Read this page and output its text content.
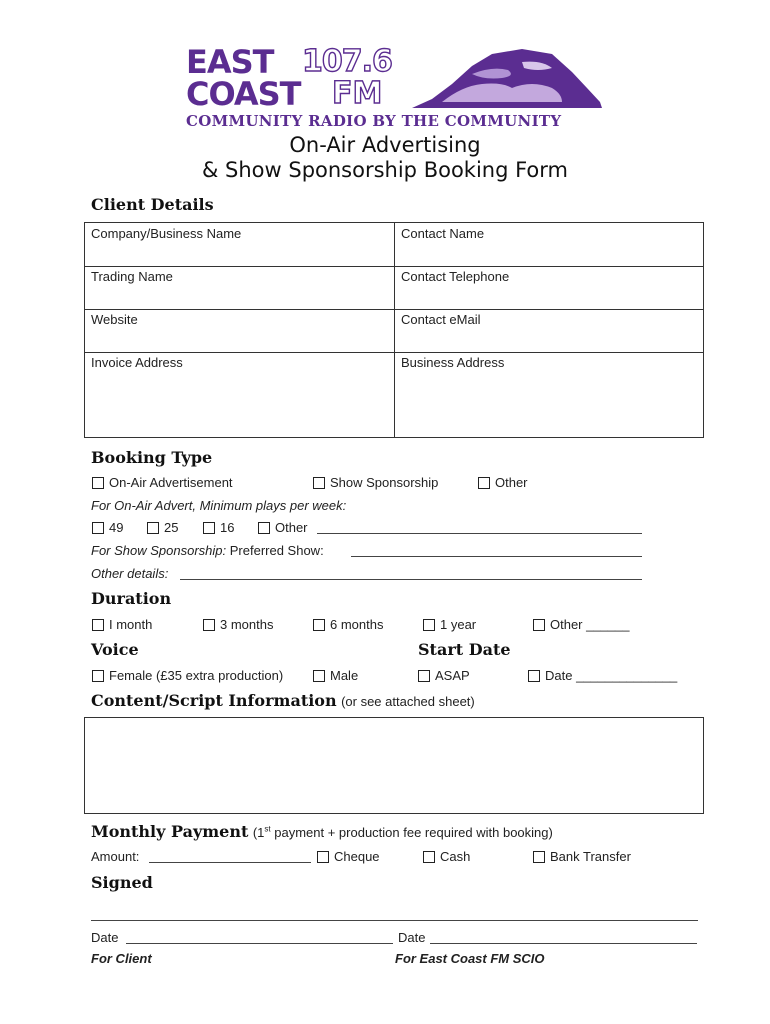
EAST 107.6
COAST FM
COMMUNITY RADIO BY THE COMMUNITY
On-Air Advertising
& Show Sponsorship Booking Form
Client Details
Company/Business Name	Contact Name
Trading Name	Contact Telephone
Website	Contact eMail
Invoice Address	Business Address
Booking Type
On-Air Advertisement	Show Sponsorship	Other
For On-Air Advert, Minimum plays per week:
49	25	16	Other
For Show Sponsorship: Preferred Show:
Other details:
Duration
I month	3 months	6 months	1 year	Other ______
Voice	Start Date
Female (£35 extra production)	Male	ASAP	Date ______________
Content/Script Information (or see attached sheet)
Monthly Payment (1st payment + production fee required with booking)
Amount:	Cheque	Cash	Bank Transfer
Signed
Date	Date
For Client	For East Coast FM SCIO
